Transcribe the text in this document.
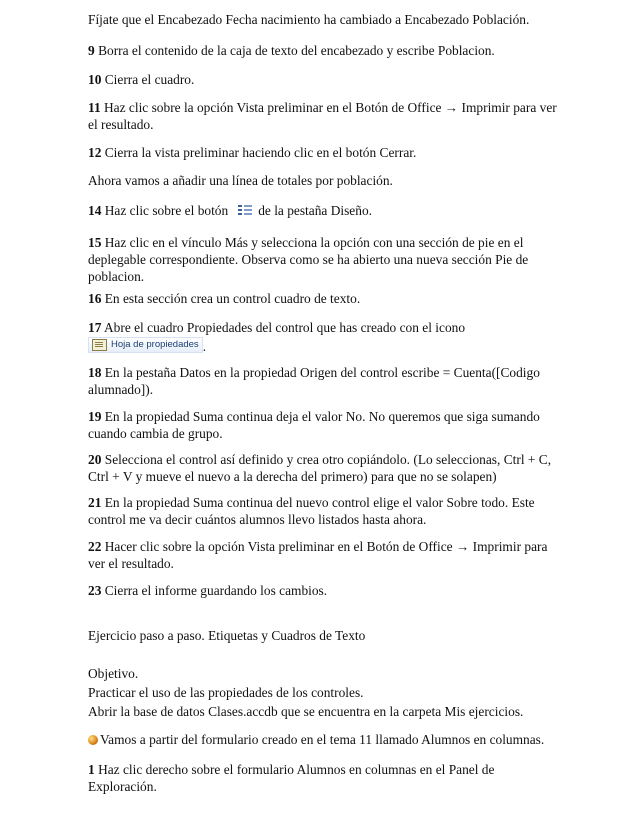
Fíjate que el Encabezado Fecha nacimiento ha cambiado a Encabezado Población.

9 Borra el contenido de la caja de texto del encabezado y escribe Poblacion.

10 Cierra el cuadro.

11 Haz clic sobre la opción Vista preliminar en el Botón de Office → Imprimir para ver el resultado.

12 Cierra la vista preliminar haciendo clic en el botón Cerrar.

Ahora vamos a añadir una línea de totales por población.

14 Haz clic sobre el botón de la pestaña Diseño.

15 Haz clic en el vínculo Más y selecciona la opción con una sección de pie en el deplegable correspondiente. Observa como se ha abierto una nueva sección Pie de poblacion.

16 En esta sección crea un control cuadro de texto.

17 Abre el cuadro Propiedades del control que has creado con el icono
Hoja de propiedades .

18 En la pestaña Datos en la propiedad Origen del control escribe = Cuenta([Codigo alumnado]).

19 En la propiedad Suma continua deja el valor No. No queremos que siga sumando cuando cambia de grupo.

20 Selecciona el control así definido y crea otro copiándolo. (Lo seleccionas, Ctrl + C, Ctrl + V y mueve el nuevo a la derecha del primero) para que no se solapen)

21 En la propiedad Suma continua del nuevo control elige el valor Sobre todo. Este control me va decir cuántos alumnos llevo listados hasta ahora.

22 Hacer clic sobre la opción Vista preliminar en el Botón de Office → Imprimir para ver el resultado.

23 Cierra el informe guardando los cambios.

Ejercicio paso a paso. Etiquetas y Cuadros de Texto

Objetivo.

Practicar el uso de las propiedades de los controles.

Abrir la base de datos Clases.accdb que se encuentra en la carpeta Mis ejercicios.

Vamos a partir del formulario creado en el tema 11 llamado Alumnos en columnas.

1 Haz clic derecho sobre el formulario Alumnos en columnas en el Panel de Exploración.
